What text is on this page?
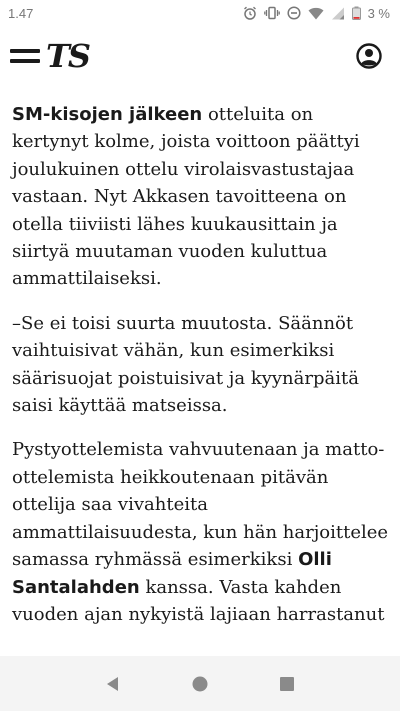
1.47	3 %
TS

SM-kisojen jälkeen otteluita on kertynyt kolme, joista voittoon päättyi joulukuinen ottelu virolaisvastustajaa vastaan. Nyt Akkasen tavoitteena on otella tiiviisti lähes kuukausittain ja siirtyä muutaman vuoden kuluttua ammattilaiseksi.

–Se ei toisi suurta muutosta. Säännöt vaihtuisivat vähän, kun esimerkiksi säärisuojat poistuisivat ja kyynärpäitä saisi käyttää matseissa.

Pystyottelemista vahvuutenaan ja matto-ottelemista heikkoutenaan pitävän ottelija saa vivahteita ammattilaisuudesta, kun hän harjoittelee samassa ryhmässä esimerkiksi Olli Santalahden kanssa. Vasta kahden vuoden ajan nykyistä lajiaan harrastanut
